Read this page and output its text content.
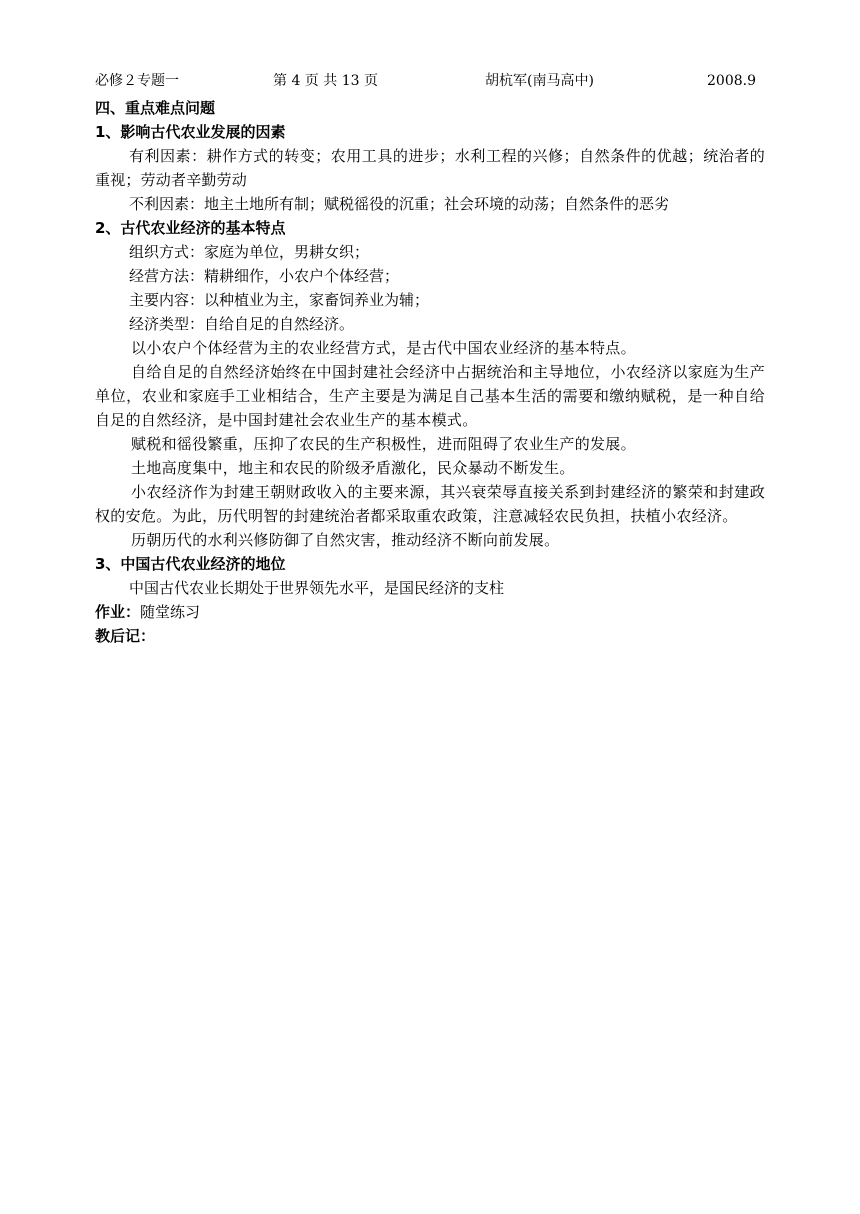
必修２专题一	第 4 页 共 13 页	胡杭军(南马高中)	2008.9
四、重点难点问题
1、影响古代农业发展的因素
有利因素：耕作方式的转变；农用工具的进步；水利工程的兴修；自然条件的优越；统治者的重视；劳动者辛勤劳动
不利因素：地主土地所有制；赋税徭役的沉重；社会环境的动荡；自然条件的恶劣
2、古代农业经济的基本特点
组织方式：家庭为单位，男耕女织；
经营方法：精耕细作，小农户个体经营；
主要内容：以种植业为主，家畜饲养业为辅；
经济类型：自给自足的自然经济。
以小农户个体经营为主的农业经营方式，是古代中国农业经济的基本特点。
自给自足的自然经济始终在中国封建社会经济中占据统治和主导地位，小农经济以家庭为生产单位，农业和家庭手工业相结合，生产主要是为满足自己基本生活的需要和缴纳赋税，是一种自给自足的自然经济，是中国封建社会农业生产的基本模式。
赋税和徭役繁重，压抑了农民的生产积极性，进而阻碍了农业生产的发展。
土地高度集中，地主和农民的阶级矛盾激化，民众暴动不断发生。
小农经济作为封建王朝财政收入的主要来源，其兴衰荣辱直接关系到封建经济的繁荣和封建政权的安危。为此，历代明智的封建统治者都采取重农政策，注意减轻农民负担，扶植小农经济。
历朝历代的水利兴修防御了自然灾害，推动经济不断向前发展。
3、中国古代农业经济的地位
中国古代农业长期处于世界领先水平，是国民经济的支柱
作业：随堂练习
教后记：
